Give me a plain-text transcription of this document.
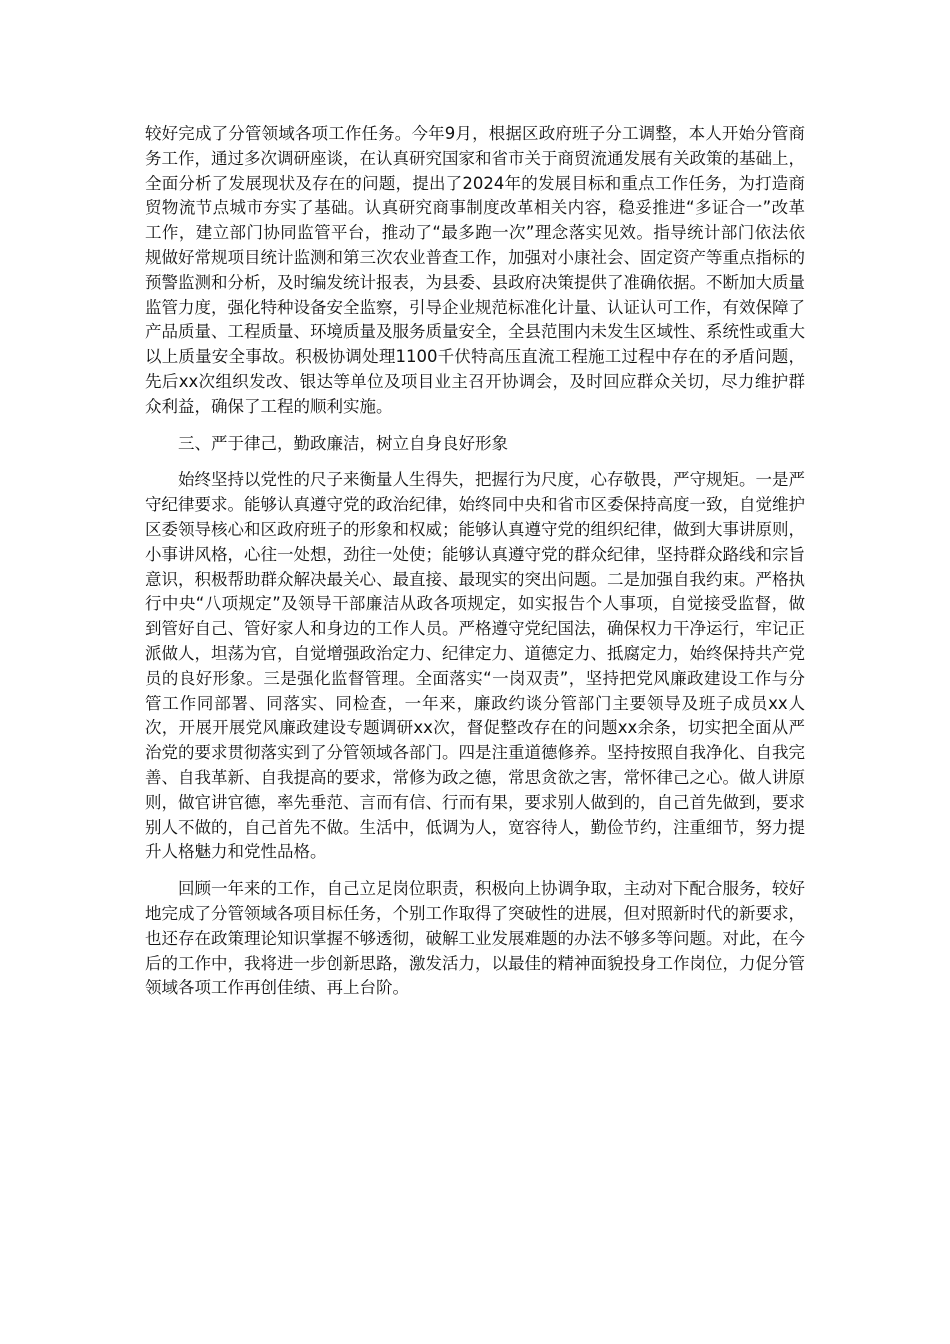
较好完成了分管领域各项工作任务。今年9月，根据区政府班子分工调整，本人开始分管商务工作，通过多次调研座谈，在认真研究国家和省市关于商贸流通发展有关政策的基础上，全面分析了发展现状及存在的问题，提出了2024年的发展目标和重点工作任务，为打造商贸物流节点城市夯实了基础。认真研究商事制度改革相关内容，稳妥推进“多证合一”改革工作，建立部门协同监管平台，推动了“最多跑一次”理念落实见效。指导统计部门依法依规做好常规项目统计监测和第三次农业普查工作，加强对小康社会、固定资产等重点指标的预警监测和分析，及时编发统计报表，为县委、县政府决策提供了准确依据。不断加大质量监管力度，强化特种设备安全监察，引导企业规范标准化计量、认证认可工作，有效保障了产品质量、工程质量、环境质量及服务质量安全，全县范围内未发生区域性、系统性或重大以上质量安全事故。积极协调处理1100千伏特高压直流工程施工过程中存在的矛盾问题，先后xx次组织发改、银达等单位及项目业主召开协调会，及时回应群众关切，尽力维护群众利益，确保了工程的顺利实施。

三、严于律己，勤政廉洁，树立自身良好形象

始终坚持以党性的尺子来衡量人生得失，把握行为尺度，心存敬畏，严守规矩。一是严守纪律要求。能够认真遵守党的政治纪律，始终同中央和省市区委保持高度一致，自觉维护区委领导核心和区政府班子的形象和权威；能够认真遵守党的组织纪律，做到大事讲原则，小事讲风格，心往一处想，劲往一处使；能够认真遵守党的群众纪律，坚持群众路线和宗旨意识，积极帮助群众解决最关心、最直接、最现实的突出问题。二是加强自我约束。严格执行中央“八项规定”及领导干部廉洁从政各项规定，如实报告个人事项，自觉接受监督，做到管好自己、管好家人和身边的工作人员。严格遵守党纪国法，确保权力干净运行，牢记正派做人，坦荡为官，自觉增强政治定力、纪律定力、道德定力、抵腐定力，始终保持共产党员的良好形象。三是强化监督管理。全面落实“一岗双责”，坚持把党风廉政建设工作与分管工作同部署、同落实、同检查，一年来，廉政约谈分管部门主要领导及班子成员xx人次，开展开展党风廉政建设专题调研xx次，督促整改存在的问题xx余条，切实把全面从严治党的要求贯彻落实到了分管领域各部门。四是注重道德修养。坚持按照自我净化、自我完善、自我革新、自我提高的要求，常修为政之德，常思贪欲之害，常怀律己之心。做人讲原则，做官讲官德，率先垂范、言而有信、行而有果，要求别人做到的，自己首先做到，要求别人不做的，自己首先不做。生活中，低调为人，宽容待人，勤俭节约，注重细节，努力提升人格魅力和党性品格。

回顾一年来的工作，自己立足岗位职责，积极向上协调争取，主动对下配合服务，较好地完成了分管领域各项目标任务，个别工作取得了突破性的进展，但对照新时代的新要求，也还存在政策理论知识掌握不够透彻，破解工业发展难题的办法不够多等问题。对此，在今后的工作中，我将进一步创新思路，激发活力，以最佳的精神面貌投身工作岗位，力促分管领域各项工作再创佳绩、再上台阶。
